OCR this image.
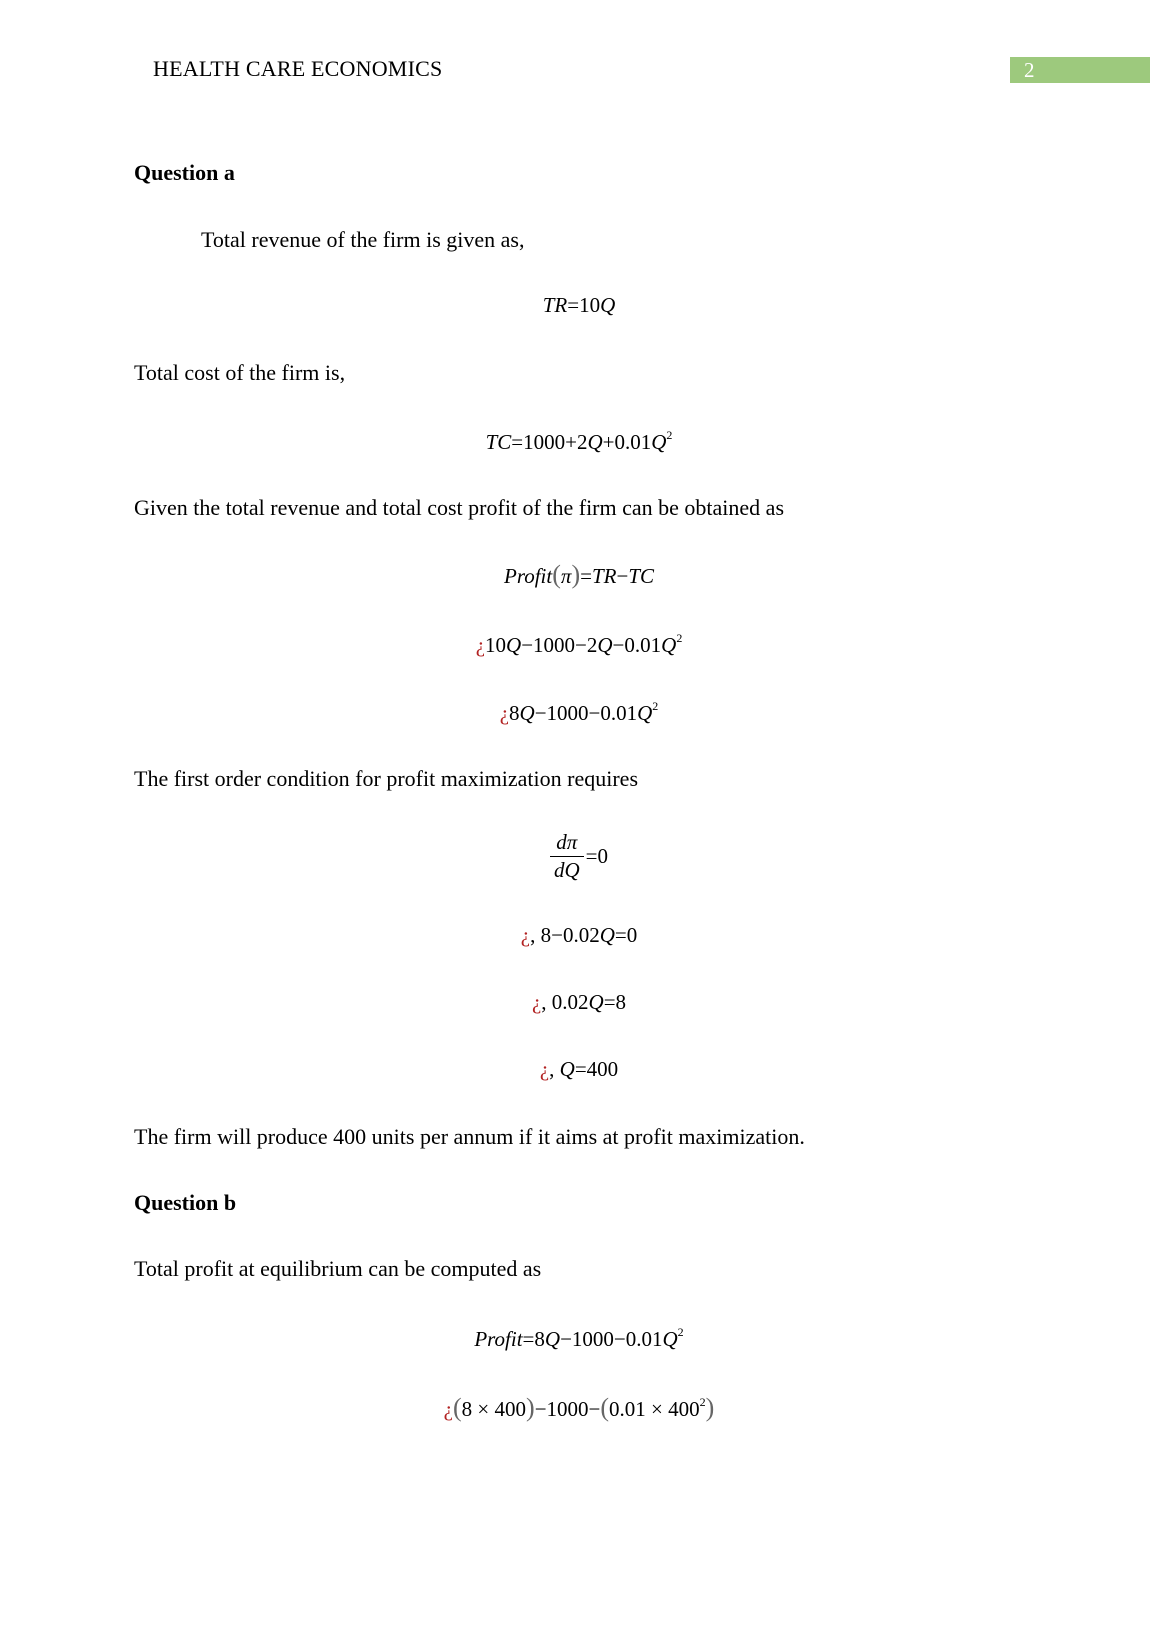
HEALTH CARE ECONOMICS	2
Question a
Total revenue of the firm is given as,
TR=10Q
Total cost of the firm is,
$TC=1000+2Q+0.01Q^2$
Given the total revenue and total cost profit of the firm can be obtained as
Profit(π)=TR−TC
¿$10Q-1000-2Q-0.01Q^2$
¿$8Q-1000-0.01Q^2$
The first order condition for profit maximization requires
$\frac{d\pi}{dQ} =0$
¿, 8−0.02Q=0
¿, 0.02Q=8
¿, Q=400
The firm will produce 400 units per annum if it aims at profit maximization.
Question b
Total profit at equilibrium can be computed as
$Profit=8Q-1000-0.01Q^2$
¿$(8 \times 400)-1000-(0.01 \times 400^2)$
